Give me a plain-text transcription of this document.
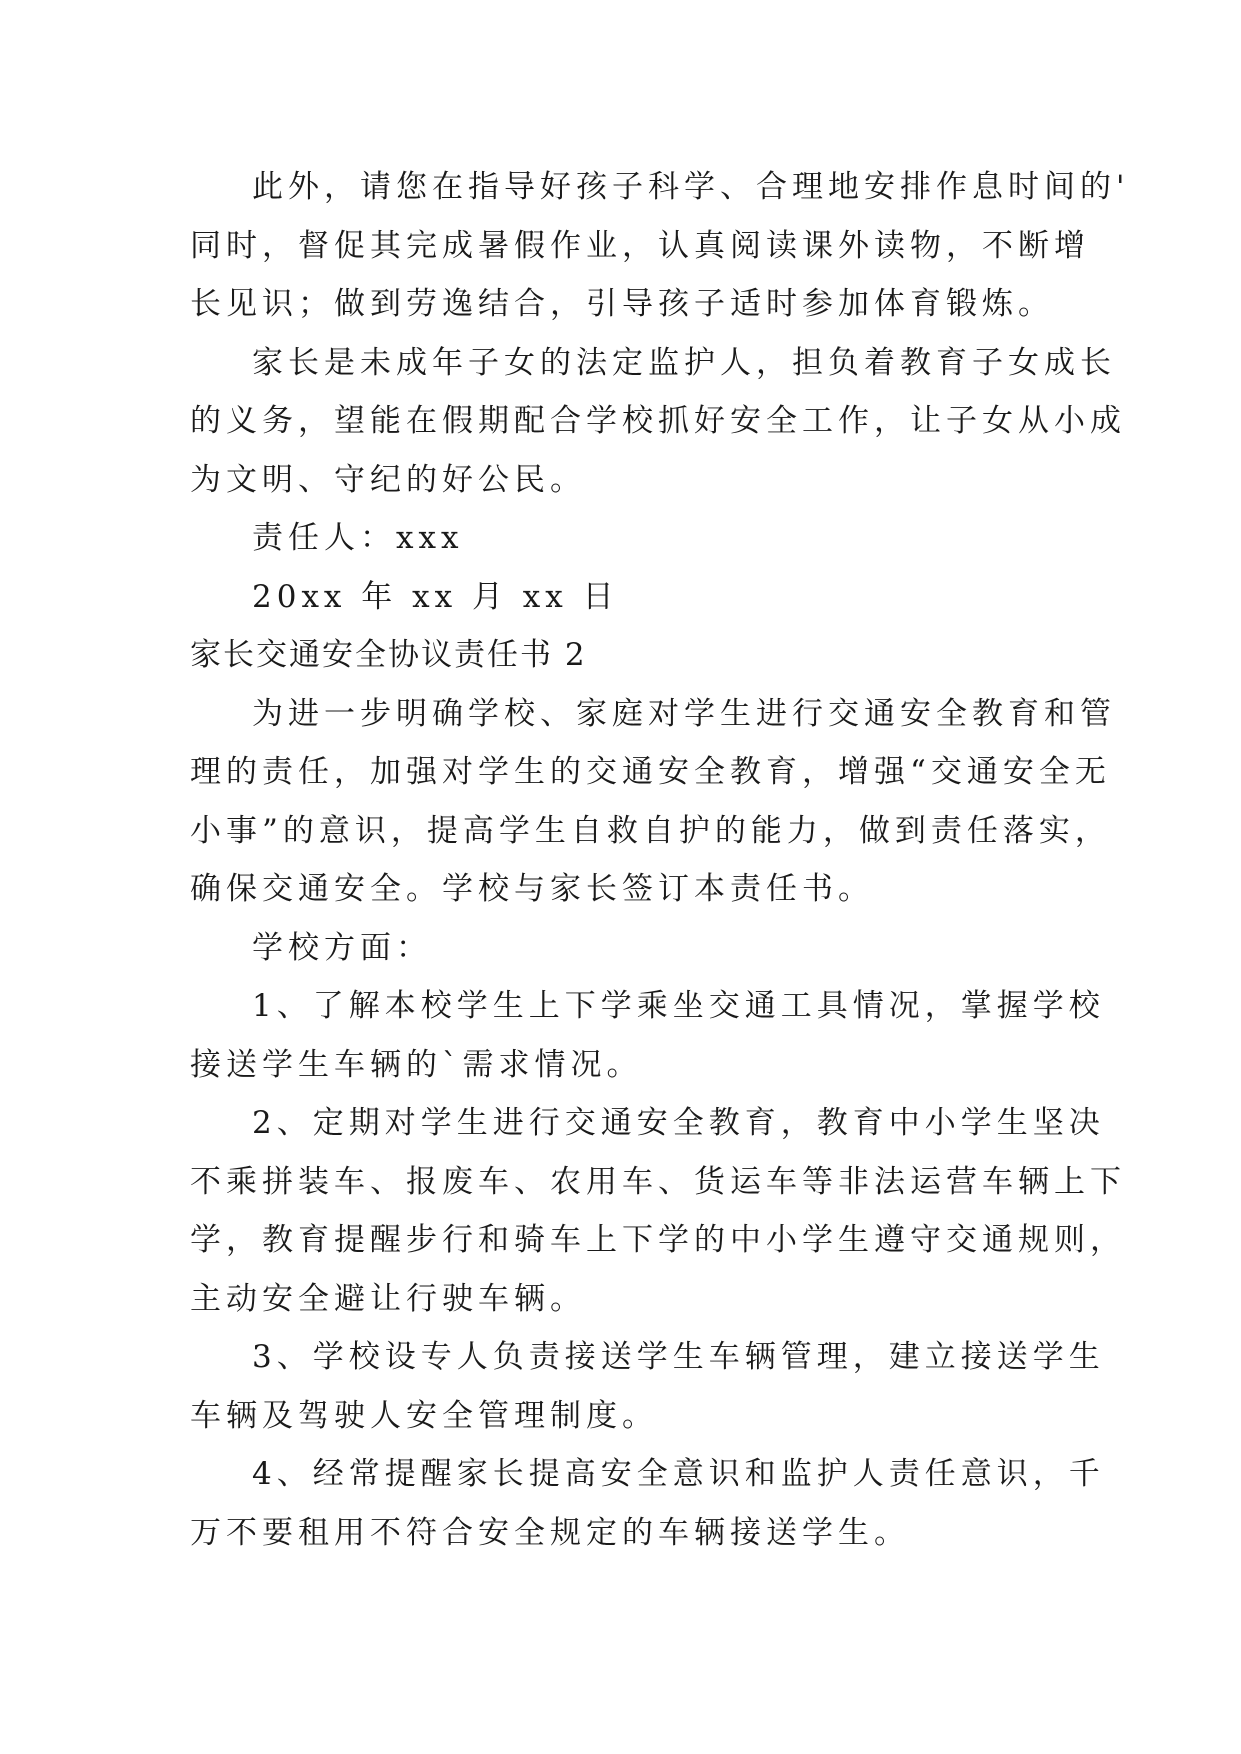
此外，请您在指导好孩子科学、合理地安排作息时间的'
同时，督促其完成暑假作业，认真阅读课外读物，不断增
长见识；做到劳逸结合，引导孩子适时参加体育锻炼。
家长是未成年子女的法定监护人，担负着教育子女成长
的义务，望能在假期配合学校抓好安全工作，让子女从小成
为文明、守纪的好公民。
责任人：xxx
20xx 年 xx 月 xx 日
家长交通安全协议责任书 2
为进一步明确学校、家庭对学生进行交通安全教育和管
理的责任，加强对学生的交通安全教育，增强“交通安全无
小事”的意识，提高学生自救自护的能力，做到责任落实，
确保交通安全。学校与家长签订本责任书。
学校方面：
1、了解本校学生上下学乘坐交通工具情况，掌握学校
接送学生车辆的`需求情况。
2、定期对学生进行交通安全教育，教育中小学生坚决
不乘拼装车、报废车、农用车、货运车等非法运营车辆上下
学，教育提醒步行和骑车上下学的中小学生遵守交通规则，
主动安全避让行驶车辆。
3、学校设专人负责接送学生车辆管理，建立接送学生
车辆及驾驶人安全管理制度。
4、经常提醒家长提高安全意识和监护人责任意识，千
万不要租用不符合安全规定的车辆接送学生。
